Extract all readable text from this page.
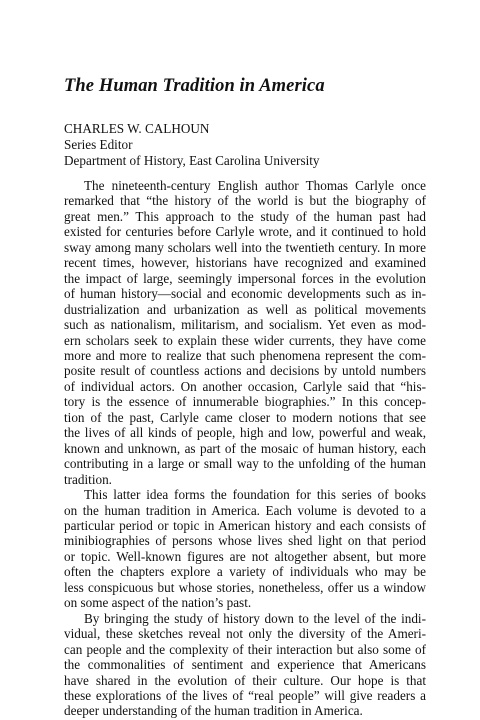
The Human Tradition in America
CHARLES W. CALHOUN
Series Editor
Department of History, East Carolina University
The nineteenth-century English author Thomas Carlyle once
remarked that “the history of the world is but the biography of
great men.” This approach to the study of the human past had
existed for centuries before Carlyle wrote, and it continued to hold
sway among many scholars well into the twentieth century. In more
recent times, however, historians have recognized and examined
the impact of large, seemingly impersonal forces in the evolution
of human history—social and economic developments such as in-
dustrialization and urbanization as well as political movements
such as nationalism, militarism, and socialism. Yet even as mod-
ern scholars seek to explain these wider currents, they have come
more and more to realize that such phenomena represent the com-
posite result of countless actions and decisions by untold numbers
of individual actors. On another occasion, Carlyle said that “his-
tory is the essence of innumerable biographies.” In this concep-
tion of the past, Carlyle came closer to modern notions that see
the lives of all kinds of people, high and low, powerful and weak,
known and unknown, as part of the mosaic of human history, each
contributing in a large or small way to the unfolding of the human
tradition.
This latter idea forms the foundation for this series of books
on the human tradition in America. Each volume is devoted to a
particular period or topic in American history and each consists of
minibiographies of persons whose lives shed light on that period
or topic. Well-known figures are not altogether absent, but more
often the chapters explore a variety of individuals who may be
less conspicuous but whose stories, nonetheless, offer us a window
on some aspect of the nation’s past.
By bringing the study of history down to the level of the indi-
vidual, these sketches reveal not only the diversity of the Ameri-
can people and the complexity of their interaction but also some of
the commonalities of sentiment and experience that Americans
have shared in the evolution of their culture. Our hope is that
these explorations of the lives of “real people” will give readers a
deeper understanding of the human tradition in America.
